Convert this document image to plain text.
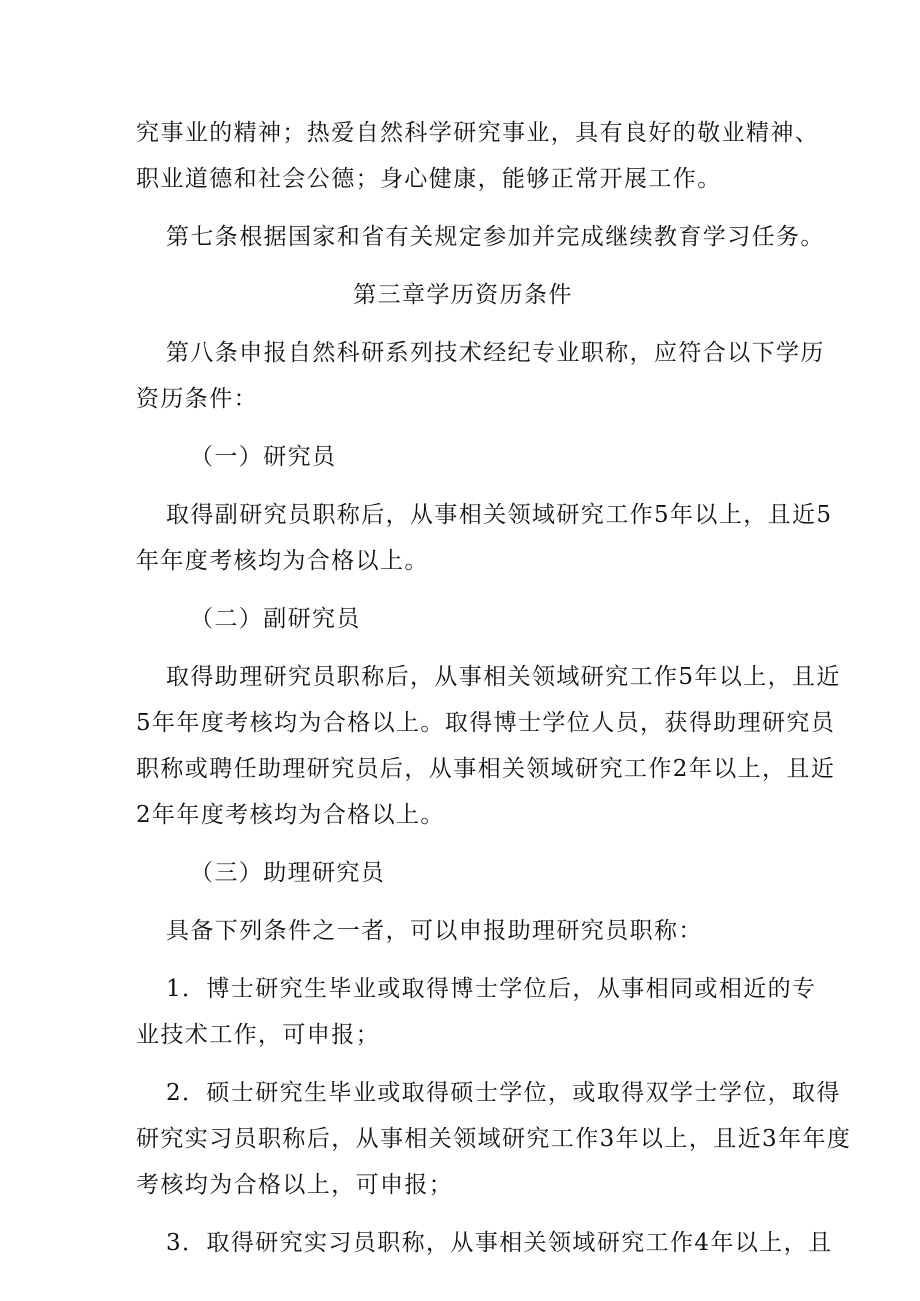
究事业的精神；热爱自然科学研究事业，具有良好的敬业精神、

职业道德和社会公德；身心健康，能够正常开展工作。

第七条根据国家和省有关规定参加并完成继续教育学习任务。

第三章学历资历条件

第八条申报自然科研系列技术经纪专业职称，应符合以下学历

资历条件：

（一）研究员

取得副研究员职称后，从事相关领域研究工作5年以上，且近5

年年度考核均为合格以上。

（二）副研究员

取得助理研究员职称后，从事相关领域研究工作5年以上，且近

5年年度考核均为合格以上。取得博士学位人员，获得助理研究员

职称或聘任助理研究员后，从事相关领域研究工作2年以上，且近

2年年度考核均为合格以上。

（三）助理研究员

具备下列条件之一者，可以申报助理研究员职称：

1．博士研究生毕业或取得博士学位后，从事相同或相近的专

业技术工作，可申报；

2．硕士研究生毕业或取得硕士学位，或取得双学士学位，取得

研究实习员职称后，从事相关领域研究工作3年以上，且近3年年度

考核均为合格以上，可申报；

3．取得研究实习员职称，从事相关领域研究工作4年以上，且
